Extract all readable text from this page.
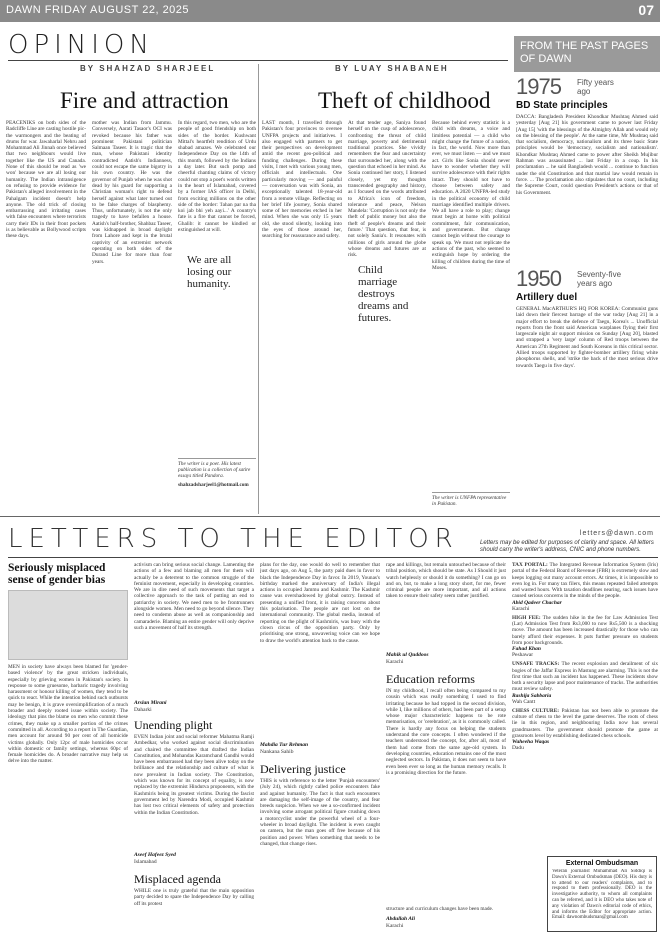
DAWN FRIDAY AUGUST 22, 2025	07
OPINION
BY SHAHZAD SHARJEEL
Fire and attraction
PEACENIKS on both sides of the Radcliffe Line are casting hostile pic-the warmongers and the beating of drums for war. Jawaharlal Nehru and Mohammad Ali Jinnah once believed that two neighbours would live together like the US and Canada. None of this should be read as 'we won' because we are all losing our humanity. The Indian intransigence on refusing to provide evidence for Pakistan's alleged involvement in the Pahalgam incident doesn't help anyone. The old trick of closing embarrassing and irritating cases with false encounters where terrorists carry their IDs in their front pockets is as believable as Bollywood scripts these days.
mother was Indian from Jammu. Conversely, Aarati Tasaor's OCI was revoked because his father was prominent Pakistani politician Salmaan Taseer. It is tragic that the man, whose Pakistani identity contradicted Aatish's Indianness, could not escape the same bigotry in his own country. He was the governor of Punjab when he was shot dead by his guard for supporting a Christian woman's right to defend herself against what later turned out to be false charges of blasphemy. Thus, unfortunately, is not the only tragedy to have befallen a house. Aatish's half-brother, Shahbaz Taseer, was kidnapped in broad daylight from Lahore and kept in the brutal captivity of an extremist network operating on both sides of the Durand Line for more than four years.
In this regard, two men, who are the people of good friendship on both sides of the border. Kushwant Mittal's heartfelt rendition of Urdu shabad amazes. We celebrated our Independence Day on the 14th of this month, followed by the Indians a day later. But such pomp and cheerful chanting claims of victory could not stop a poet's words written in the heart of Islamabad, covered by a former IAS officer in Delhi, from exciting millions on the other side of the border: 'Jahan par na tha koi jab bhi yeh aayi...' A country's fate is a fire that cannot be forced, Ghalib: it cannot be kindled or extinguished at will.
We are all losing our humanity.
The writer is a poet. His latest publication is a collection of satire essays titled Pandora.
shahzadsharjeel1@hotmail.com
BY LUAY SHABANEH
Theft of childhood
LAST month, I travelled through Pakistan's four provinces to oversee UNFPA projects and initiatives. I also engaged with partners to get their perspectives on development amid the recent geo-political and funding challenges. During these visits, I met with various young men, officials and intellectuals. One particularly moving — and painful — conversation was with Sonia, an exceptionally talented 18-year-old from a remote village. Reflecting on her brief life journey, Sonia shared some of her memories etched in her mind. When she was only 15 years old, she stood silently, looking into the eyes of those around her, searching for reassurance and safety.
At that tender age, Saniya found herself on the cusp of adolescence, confronting the threat of child marriage, poverty and detrimental traditional practices. She vividly remembers the fear and uncertainty that surrounded her, along with the question that echoed in her mind. As Sonia continued her story, I listened closely, yet my thoughts transcended geography and history, as I focused on the words attributed to Africa's icon of freedom, tolerance and peace, Nelson Mandela: 'Corruption is not only the theft of public money but also the theft of people's dreams and their future.' That question, that fear, is not solely Sania's. It resonates with millions of girls around the globe whose dreams and futures are at risk.
Because behind every statistic is a child with dreams, a voice and limitless potential — a child who might change the future of a nation, in fact, the world. Now more than ever, we must listen — and we must act. Girls like Sonia should never have to wonder whether they will survive adolescence with their rights intact. They should not have to choose between safety and education. A 2020 UNFPA-led study in the political economy of child marriage identified multiple drivers. We all have a role to play; change must begin at home with political commitment, fair communication, and governments. But change cannot begin without the courage to speak up. We must not replicate the actions of the past, who seemed to extinguish hope by ordering the killing of children during the time of Moses.
Child marriage destroys dreams and futures.
The writer is UNFPA representative in Pakistan.
FROM THE PAST PAGES OF DAWN
1975 Fifty years ago
BD State principles
DACCA: Bangladesh President Khondkar Mushtaq Ahmed said yesterday [Aug 21] his government came to power last Friday [Aug 15] 'with the blessings of the Almighty Allah and would rely on the blessing of the people'. At the same time, Mr Mushtaq said that socialism, democracy, nationalism and its three basic State principles would be 'democracy, socialism and nationalism'. Khondkar Mushtaq Ahmed came to power after Sheikh Mujibur Rahman was assassinated ... last Friday in a coup. In his proclamation ... he said Bangladesh would ... continue to function under the old Constitution and that martial law would remain in force. ... The proclamation also stipulates that no court, including the Supreme Court, could question President's actions or that of his Government.
1950 Seventy-five years ago
Artillery duel
GENERAL MacARTHUR'S HQ FOR KOREA: Communist guns laid down their fiercest barrage of the war today [Aug 21] in a major effort to break the defence of Taegu, Korea's ... Unofficial reports from the front said American warplanes flying their first largescale night air support mission on Sunday [Aug 20], blasted and strapped a 'very large' column of Red troops between the American 27th Regiment and South Koreans in this critical sector. Allied troops supported by fighter-bomber artillery firing white phosphorus shells, and 'strike the back of the most serious drive towards Taegu in five days'.
LETTERS TO THE EDITOR	letters@dawn.com
Letters may be edited for purposes of clarity and space. All letters should carry the writer's address, CNIC and phone numbers.
Seriously misplaced sense of gender bias
MEN in society have always been blamed for 'gender-based violence' by the great stricken individuals, especially by grieving women in Pakistan's society. In response to some gruesome, barbaric tragedy involving harassment or honour killing of women, they tend to be quick to react. While the intention behind such outbursts may be benign, it is grave oversimplification of a much broader and deeply rooted issue within society. The ideology that pins the blame on men who commit these crimes, they make up a smaller portion of the crimes committed in all. According to a report in The Guardian, men account for around 90 per cent of all homicide victims globally. Only 12pc of male homicides occur within domestic or family settings, whereas 60pc of female homicides do. A broader narrative may help us delve into the matter.
activism can bring serious social change. Lamenting the actions of a few and blaming all men for them will actually be a deterrent to the common struggle of the feminist movement, especially in developing countries. We are in dire need of such movements that target a collective approach to the task of putting an end to patriarchy in society. We need men to be frontrunners alongside women. Men need to go beyond silence. They need to condemn abuse as well as companionship and camaraderie. Blaming an entire gender will only deprive such a movement of half its strength.
Arslan Mirani
Daharki
Unending plight
EVEN Indian joint and social reformer Mahatma Ramji Ambedkar, who worked against social discrimination and chaired the committee that drafted the Indian Constitution, and Mohandas Karamchand Gandhi would have been embarrassed had they been alive today on the brilliance and the relationship and culture of what is now prevalent in Indian society. The Constitution, which was known for its concept of equality, is now replaced by the extremist Hindutva proponents, with the Kashmiris being its greatest victims. During the fascist government led by Narendra Modi, occupied Kashmir has lost two critical elements of safety and protection within the Indian Constitution.
Aseef Hafeez Syed
Islamabad
Misplaced agenda
WHILE one is truly grateful that the main opposition party decided to spare the Independence Day by calling off its protest
plans for the day, one would do well to remember that just days ago, on Aug 5, the party paid dues in favor to black the Independence Day in favor. In 2019, Younas's birthday marked the anniversary of India's illegal actions in occupied Jammu and Kashmir. The Kashmir cause was overshadowed by global outcry. Instead of presenting a unified front, it is raising concerns about this polarisation. The people are not lost on the international community. The global media, instead of reporting on the plight of Kashmiris, was busy with the clown circus of the opposition party. Only by prioritising one strong, unwavering voice can we hope to draw the world's attention back to the cause.
Mahdia Tur Rehman
Nankana Sahib
Delivering justice
THIS is with reference to the letter 'Punjab encounters' (July 24), which rightly called police encounters fake and against humanity. The fact is that such encounters are damaging the self-image of the country, and fear breeds suspicion. When we see a so-confirmed incident involving some arrogant political figure crushing down a motorcyclist under the powerful wheel of a four-wheeler in broad daylight. The incident is even caught on camera, but the man goes off free because of his position and power. When something that needs to be changed, that change rises.
rape and killings, but remain untouched because of their tribal position, which should be state. As I Should it just watch helplessly or should it do something? I can go on and on, but, to make a long story short, for me, fewer criminal people are more important, and all actions taken to ensure their safety seem rather justified.
Mahik ul Quddoos
Karachi
Education reforms
IN my childhood, I recall often being compared to my cousin which was really something I used to find irritating because he had topped in the second division, while I, like millions of others, had been part of a setup whose major characteristic happens to be rote memorisation, or 'cerebration', as it is commonly called. There is hardly any focus on helping the students understand the core concepts. I often wondered if the teachers understood the concept, for, after all, most of them had come from the same age-old system. In developing countries, education remains one of the most neglected sectors. In Pakistan, it does not seem to have even been ever so long as the human memory recalls. It is a promising direction for the future.
structure and curriculum changes have been made.
Abdullah Ali
Karachi
TAX PORTAL: The Integrated Revenue Information System (Iris) portal of the Federal Board of Revenue (FBR) is extremely slow and keeps logging out many account errors. At times, it is impossible to even log in. For many tax filers, this means repeated failed attempts and wasted hours. With taxation deadlines nearing, such issues have caused serious concerns in the minds of the people.
Abid Qadeer Chachar
Karachi
HIGH FEE: The sudden hike in the fee for Law Admission Test (Lat) Admission Test from Rs3,000 to now Rs5,500 is a shocking move. The amount has been increased drastically for those who can barely afford their expenses. It puts further pressure on students from poor backgrounds.
Fahad Khan
Peshawar
UNSAFE TRACKS: The recent explosion and derailment of six bogies of the Jaffar Express in Mastung are alarming. This is not the first time that such an incident has happened. These incidents show both a security lapse and poor maintenance of tracks. The authorities must review safety.
Rashija Sabbaria
Wah Cantt
CHESS CULTURE: Pakistan has not been able to promote the culture of chess to the level the game deserves. The roots of chess lie in this region, and neighbouring India now has several grandmasters. The government should promote the game at grassroots level by establishing dedicated chess schools.
Waheeha Waqas
Dadu
External Ombudsman
Veteran journalist Muhammad Ali Siddiqi is Dawn's External Ombudsman (DEO). His duty is to attend to our readers' complaints, and to respond to them professionally. DEO is the investigative authority, to whom all complaints can be referred, and it is DEO who takes note of any violation of Dawn's editorial code of ethics, and informs the Editor for appropriate action. Email: dawnombudsman@gmail.com
